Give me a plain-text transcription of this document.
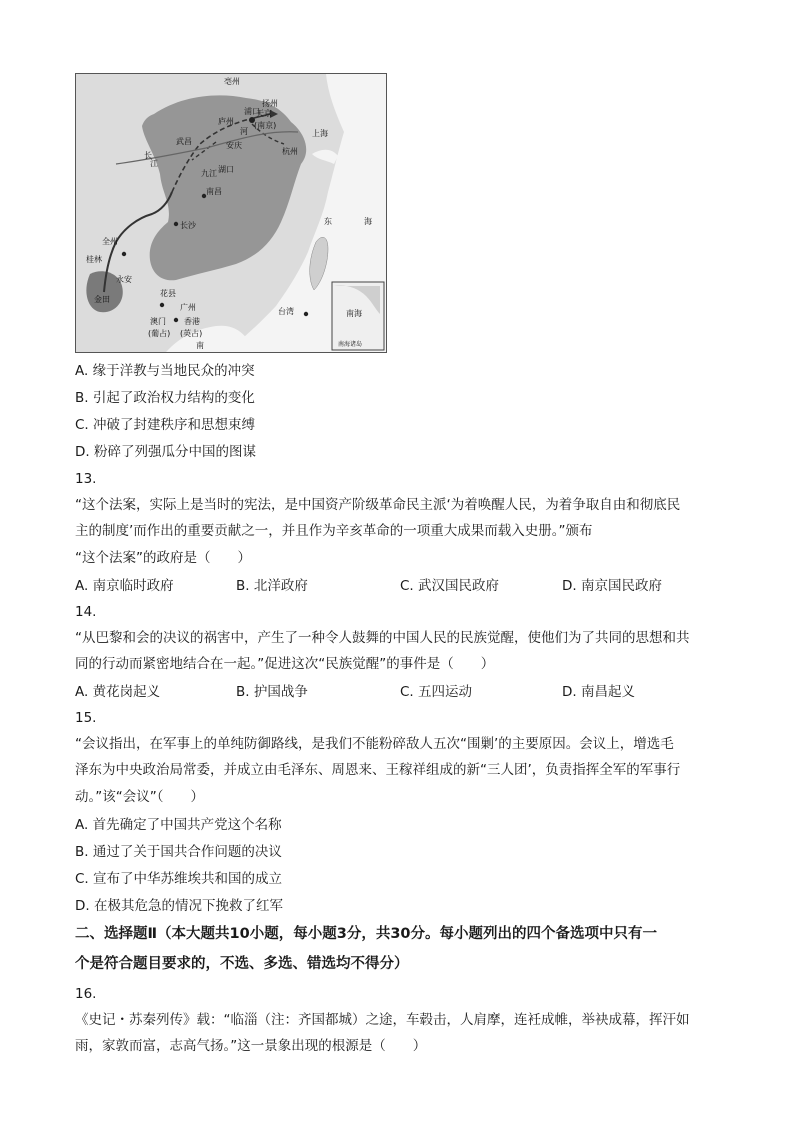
亳州
扬州
浦口
庐州
天京
(南京)
上海
杭州
武昌	安庆
九江 湖口
南昌
江
长
河
长沙
全州
桂林
永安
金田
花县
广州
澳门
(葡占)
香港
(英占)
台湾
东	海
南
南海
南海诸岛
A. 缘于洋教与当地民众的冲突
B. 引起了政治权力结构的变化
C. 冲破了封建秩序和思想束缚
D. 粉碎了列强瓜分中国的图谋
13.
“这个法案，实际上是当时的宪法，是中国资产阶级革命民主派‘为着唤醒人民，为着争取自由和彻底民
主的制度’而作出的重要贡献之一，并且作为辛亥革命的一项重大成果而载入史册。”颁布
“这个法案”的政府是（　　）
A. 南京临时政府	B. 北洋政府	C. 武汉国民政府	D. 南京国民政府
14.
“从巴黎和会的决议的祸害中，产生了一种令人鼓舞的中国人民的民族觉醒，使他们为了共同的思想和共
同的行动而紧密地结合在一起。”促进这次“民族觉醒”的事件是（　　）
A. 黄花岗起义	B. 护国战争	C. 五四运动	D. 南昌起义
15.
“会议指出，在军事上的单纯防御路线，是我们不能粉碎敌人五次“围剿’的主要原因。会议上，增选毛
泽东为中央政治局常委，并成立由毛泽东、周恩来、王稼祥组成的新“三人团’，负责指挥全军的军事行
动。”该“会议”（　　）
A. 首先确定了中国共产党这个名称
B. 通过了关于国共合作问题的决议
C. 宣布了中华苏维埃共和国的成立
D. 在极其危急的情况下挽救了红军
二、选择题Ⅱ（本大题共10小题，每小题3分，共30分。每小题列出的四个备选项中只有一
个是符合题目要求的，不选、多选、错选均不得分）
16.
《史记・苏秦列传》载：“临淄（注：齐国都城）之途，车毂击，人肩摩，连衽成帷，举袂成幕，挥汗如
雨，家敦而富，志高气扬。”这一景象出现的根源是（　　）
